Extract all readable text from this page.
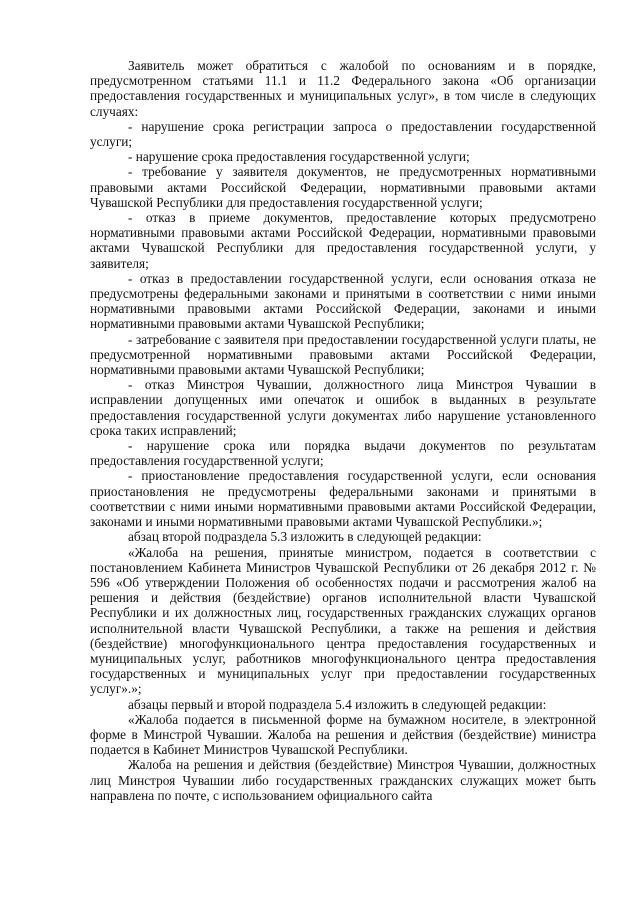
Заявитель может обратиться с жалобой по основаниям и в порядке, предусмотренном статьями 11.1 и 11.2 Федерального закона «Об организации предоставления государственных и муниципальных услуг», в том числе в следующих случаях:

- нарушение срока регистрации запроса о предоставлении государственной услуги;

- нарушение срока предоставления государственной услуги;

- требование у заявителя документов, не предусмотренных нормативными правовыми актами Российской Федерации, нормативными правовыми актами Чувашской Республики для предоставления государственной услуги;

- отказ в приеме документов, предоставление которых предусмотрено нормативными правовыми актами Российской Федерации, нормативными правовыми актами Чувашской Республики для предоставления государственной услуги, у заявителя;

- отказ в предоставлении государственной услуги, если основания отказа не предусмотрены федеральными законами и принятыми в соответствии с ними иными нормативными правовыми актами Российской Федерации, законами и иными нормативными правовыми актами Чувашской Республики;

- затребование с заявителя при предоставлении государственной услуги платы, не предусмотренной нормативными правовыми актами Российской Федерации, нормативными правовыми актами Чувашской Республики;

- отказ Минстроя Чувашии, должностного лица Минстроя Чувашии в исправлении допущенных ими опечаток и ошибок в выданных в результате предоставления государственной услуги документах либо нарушение установленного срока таких исправлений;

- нарушение срока или порядка выдачи документов по результатам предоставления государственной услуги;

- приостановление предоставления государственной услуги, если основания приостановления не предусмотрены федеральными законами и принятыми в соответствии с ними иными нормативными правовыми актами Российской Федерации, законами и иными нормативными правовыми актами Чувашской Республики.»;

абзац второй подраздела 5.3 изложить в следующей редакции:

«Жалоба на решения, принятые министром, подается в соответствии с постановлением Кабинета Министров Чувашской Республики от 26 декабря 2012 г. № 596 «Об утверждении Положения об особенностях подачи и рассмотрения жалоб на решения и действия (бездействие) органов исполнительной власти Чувашской Республики и их должностных лиц, государственных гражданских служащих органов исполнительной власти Чувашской Республики, а также на решения и действия (бездействие) многофункционального центра предоставления государственных и муниципальных услуг, работников многофункционального центра предоставления государственных и муниципальных услуг при предоставлении государственных услуг».»;

абзацы первый и второй подраздела 5.4 изложить в следующей редакции:

«Жалоба подается в письменной форме на бумажном носителе, в электронной форме в Минстрой Чувашии. Жалоба на решения и действия (бездействие) министра подается в Кабинет Министров Чувашской Республики.

Жалоба на решения и действия (бездействие) Минстроя Чувашии, должностных лиц Минстроя Чувашии либо государственных гражданских служащих может быть направлена по почте, с использованием официального сайта
